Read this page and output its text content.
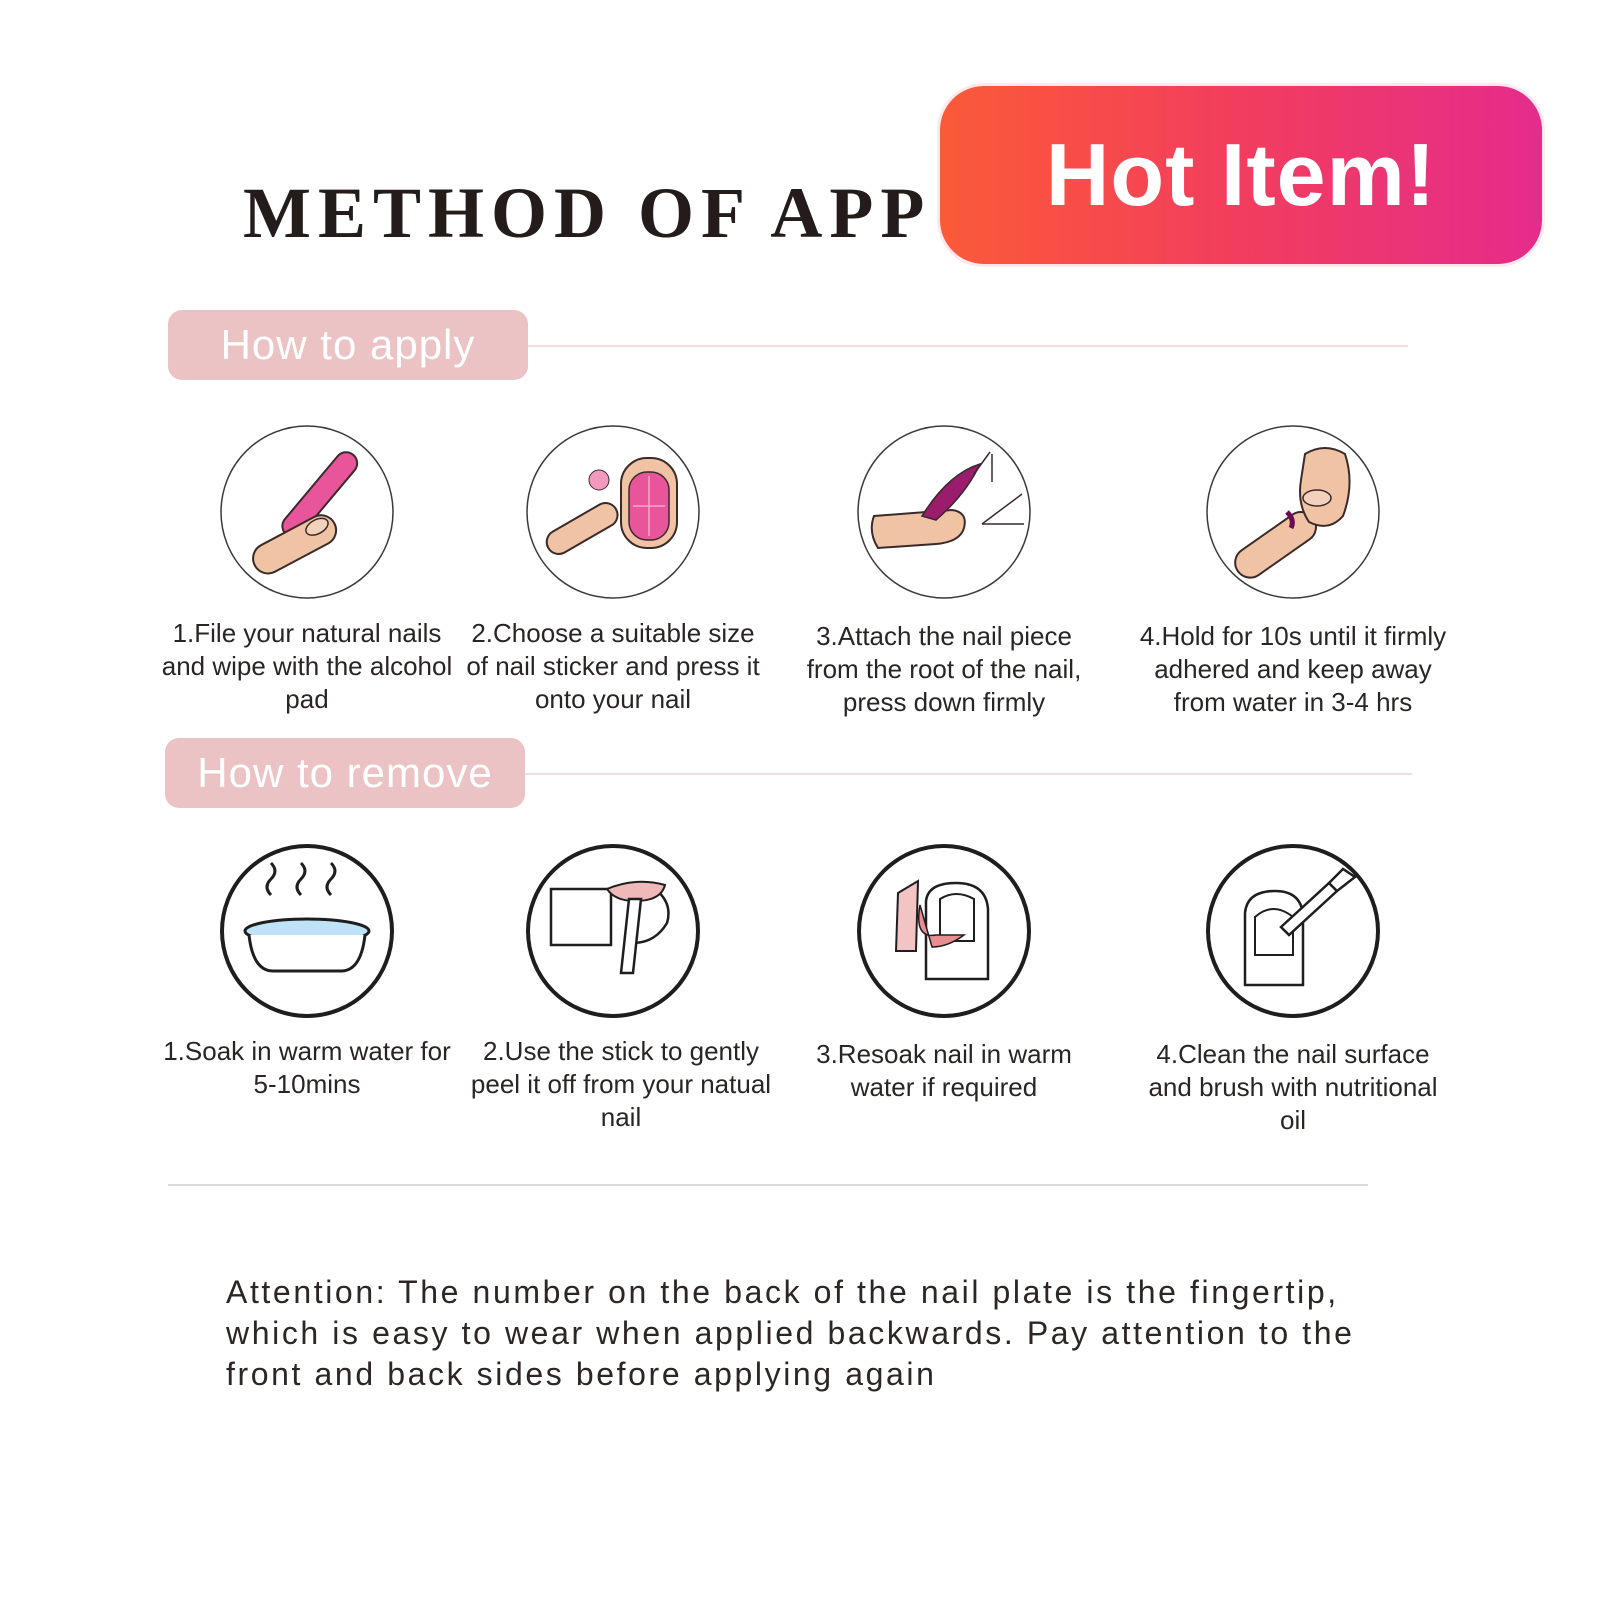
METHOD OF APP	Hot Item!
How to apply

1.File your natural nails and wipe with the alcohol pad

2.Choose a suitable size of nail sticker and press it onto your nail

3.Attach the nail piece from the root of the nail, press down firmly

4.Hold for 10s until it firmly adhered and keep away from water in 3-4 hrs

How to remove

1.Soak in warm water for 5-10mins

2.Use the stick to gently peel it off from your natual nail

3.Resoak nail in warm water if required

4.Clean the nail surface and brush with nutritional oil

Attention: The number on the back of the nail plate is the fingertip, which is easy to wear when applied backwards. Pay attention to the front and back sides before applying again
